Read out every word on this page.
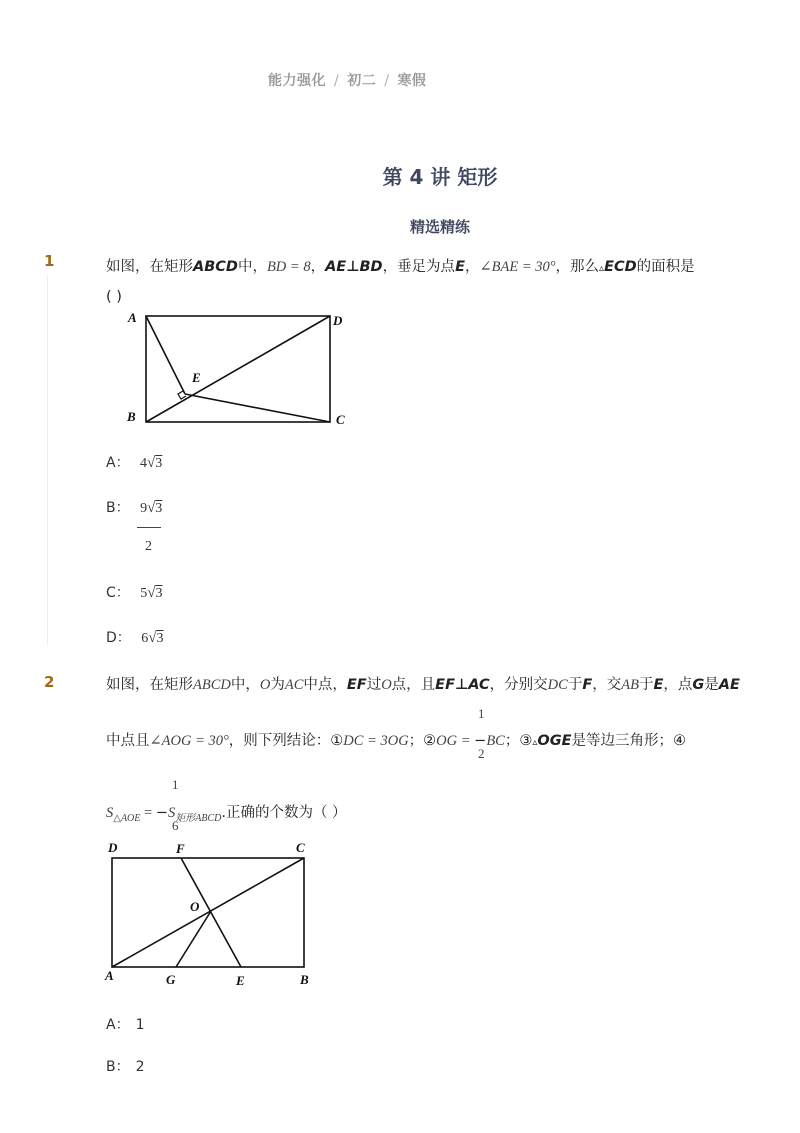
能力强化 / 初二 / 寒假
第 4 讲 矩形
精选精练
1	如图，在矩形ABCD中，BD = 8，AE⊥BD，垂足为点E，∠BAE = 30°，那么▵ECD的面积是
( )
A	D
E
B	C
A： 4√3
B： 9√3
2
C： 5√3
D： 6√3
2	如图，在矩形ABCD中，O为AC中点，EF过O点，且EF⊥AC，分别交DC于F，交AB于E，点G是AE
1
中点且∠AOG = 30°，则下列结论：①DC = 3OG；②OG = −BC；③▵OGE是等边三角形；④
2
1
$S_{\triangle AOE} = -S_{矩形ABCD}$.正确的个数为（ ）
6
D	F	C
O
A	G	E	B
A： 1
B： 2
